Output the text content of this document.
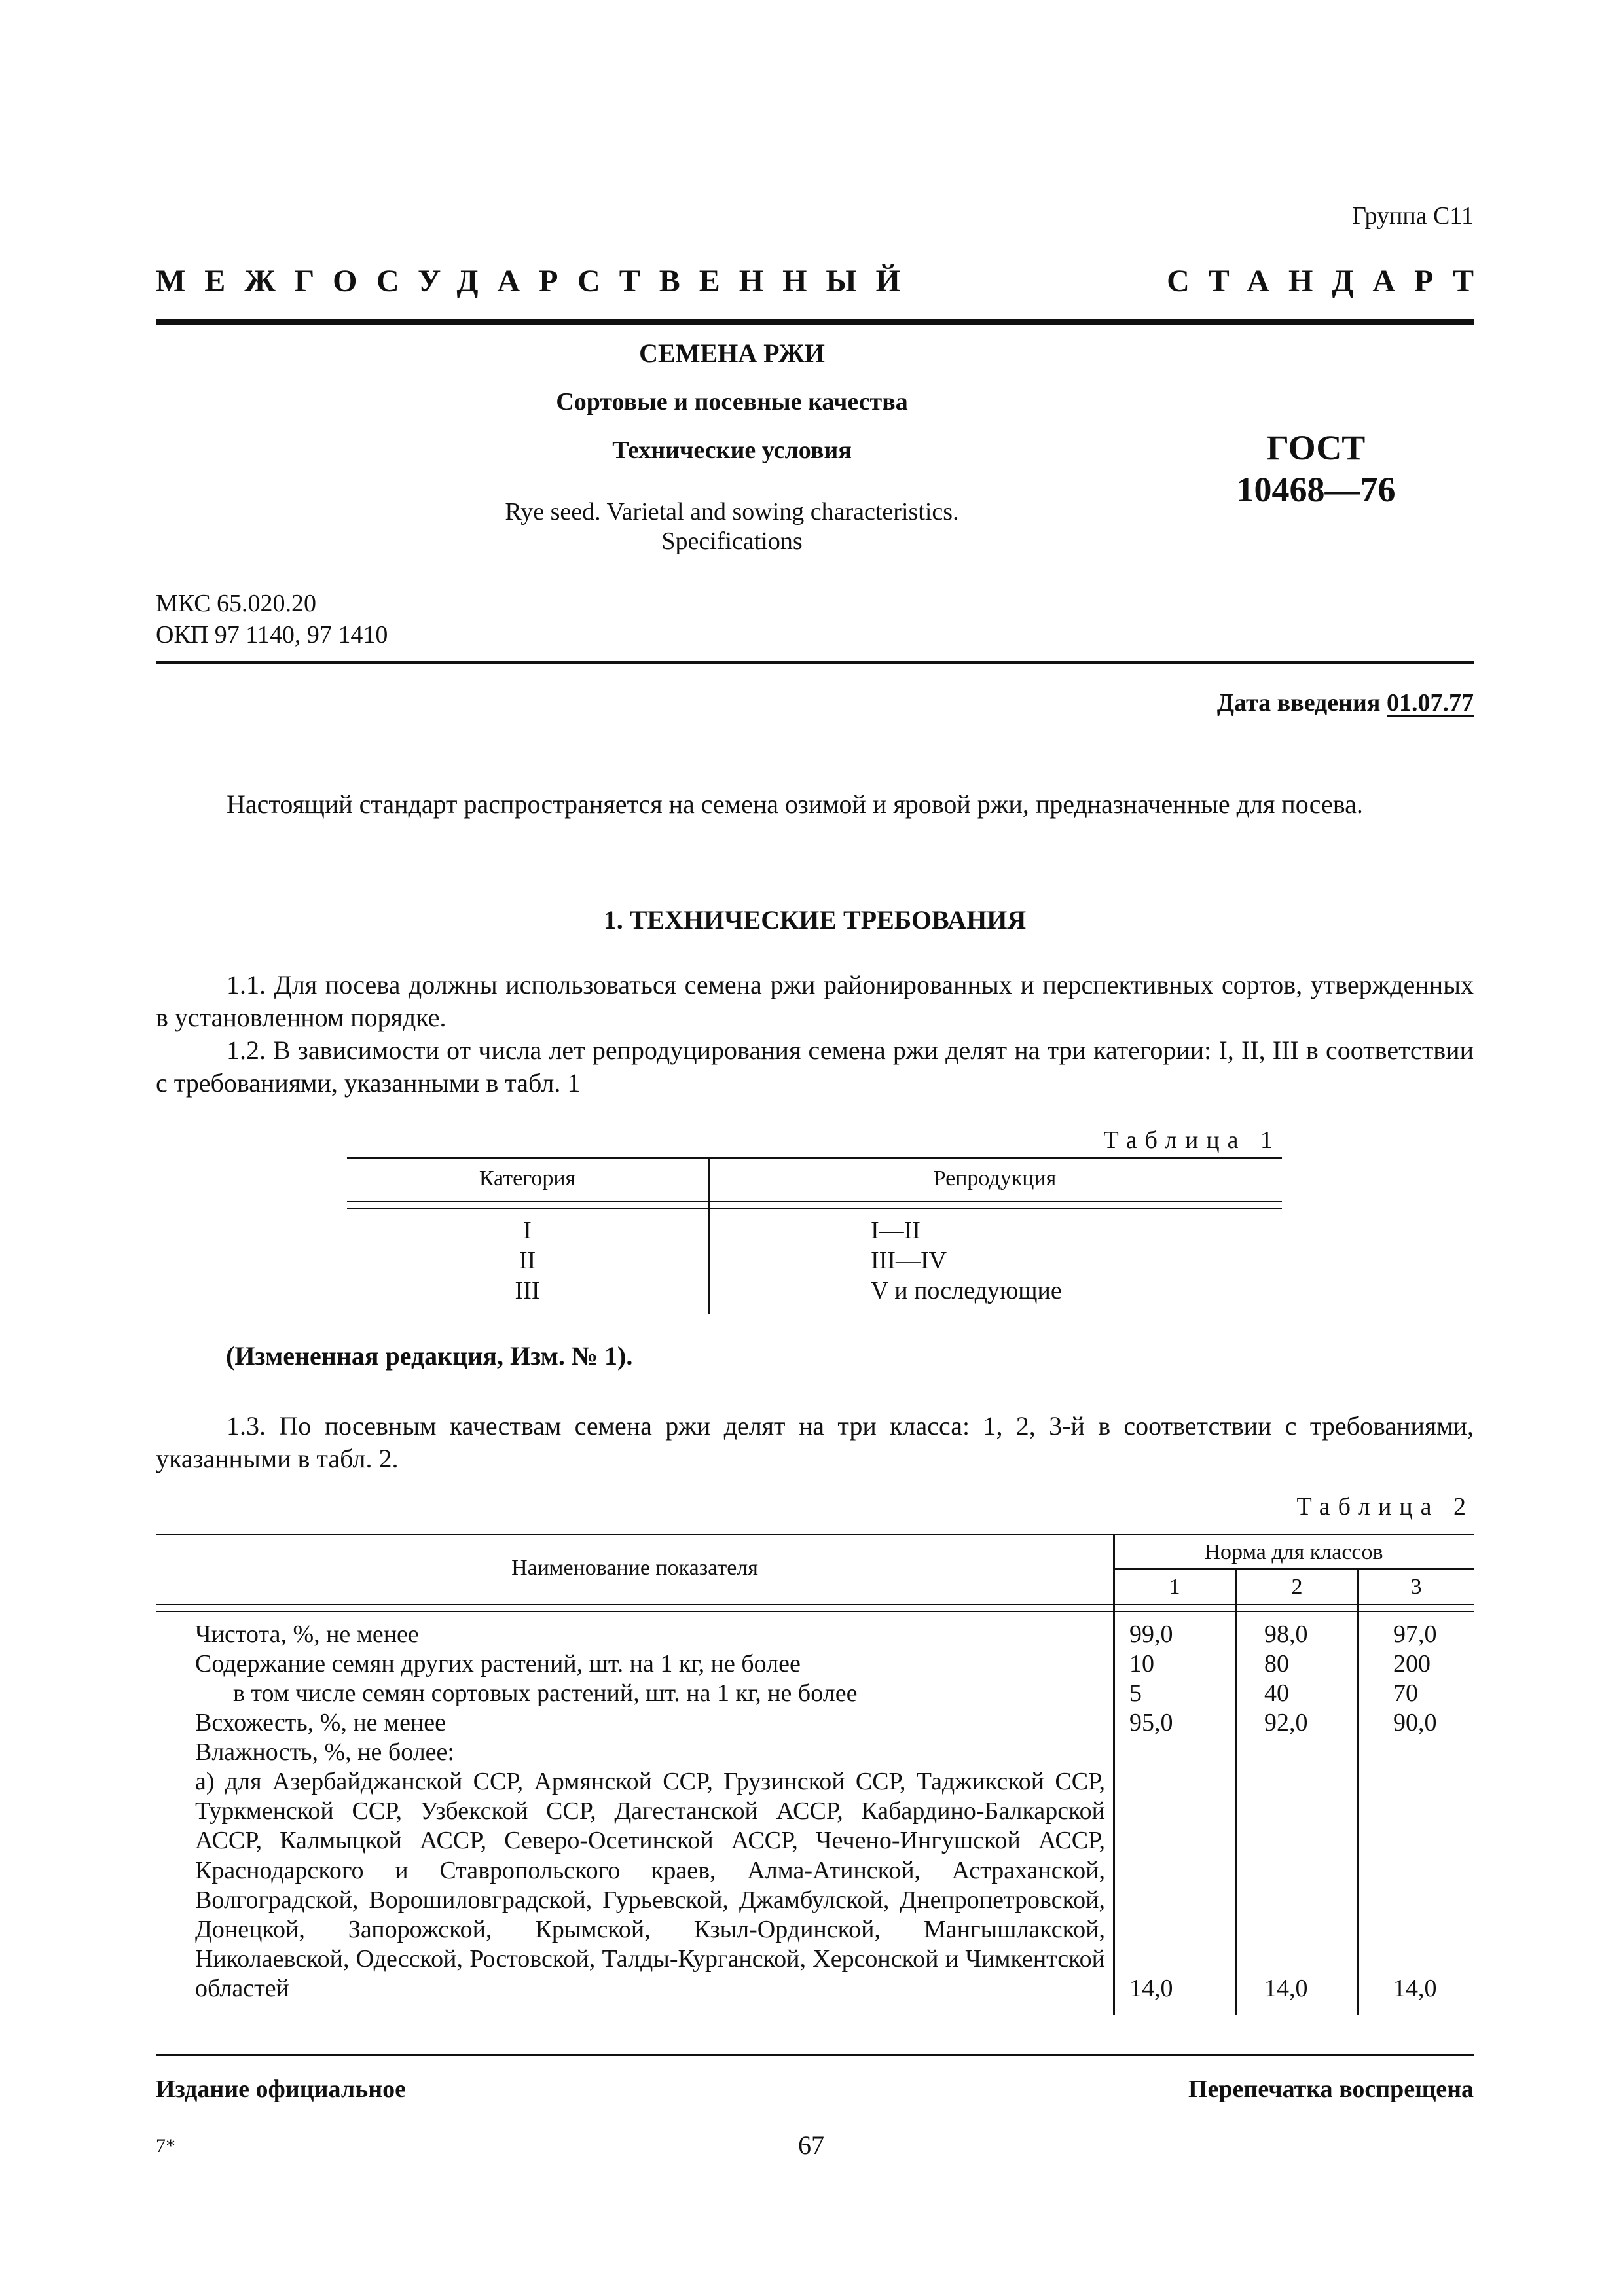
Группа С11
МЕЖГОСУДАРСТВЕННЫЙ	СТАНДАРТ
СЕМЕНА РЖИ
Сортовые и посевные качества
Технические условия
Rye seed. Varietal and sowing characteristics.
Specifications
ГОСТ
10468—76
МКС 65.020.20
ОКП 97 1140, 97 1410
Дата введения 01.07.77
Настоящий стандарт распространяется на семена озимой и яровой ржи, предназначенные для посева.
1. ТЕХНИЧЕСКИЕ ТРЕБОВАНИЯ
1.1. Для посева должны использоваться семена ржи районированных и перспективных сортов, утвержденных в установленном порядке.
1.2. В зависимости от числа лет репродуцирования семена ржи делят на три категории: I, II, III в соответствии с требованиями, указанными в табл. 1
Таблица 1
Категория	Репродукция
I	I—II
II	III—IV
III	V и последующие
(Измененная редакция, Изм. № 1).
1.3. По посевным качествам семена ржи делят на три класса: 1, 2, 3-й в соответствии с требованиями, указанными в табл. 2.
Таблица 2
Наименование показателя
Норма для классов
1	2	3
Чистота, %, не менее	99,0	98,0	97,0
Содержание семян других растений, шт. на 1 кг, не более	10	80	200
в том числе семян сортовых растений, шт. на 1 кг, не более	5	40	70
Всхожесть, %, не менее	95,0	92,0	90,0
Влажность, %, не более:
а) для Азербайджанской ССР, Армянской ССР, Грузинской ССР, Таджикской ССР, Туркменской ССР, Узбекской ССР, Дагестанской АССР, Кабардино-Балкарской АССР, Калмыцкой АССР, Северо-Осетинской АССР, Чечено-Ингушской АССР, Краснодарского и Ставропольского краев, Алма-Атинской, Астраханской, Волгоградской, Ворошиловградской, Гурьевской, Джамбулской, Днепропетровской, Донецкой, Запорожской, Крымской, Кзыл-Ординской, Мангышлакской, Николаевской, Одесской, Ростовской, Талды-Курганской, Херсонской и Чимкентской областей	14,0	14,0	14,0
Издание официальное	Перепечатка воспрещена
7*	67
